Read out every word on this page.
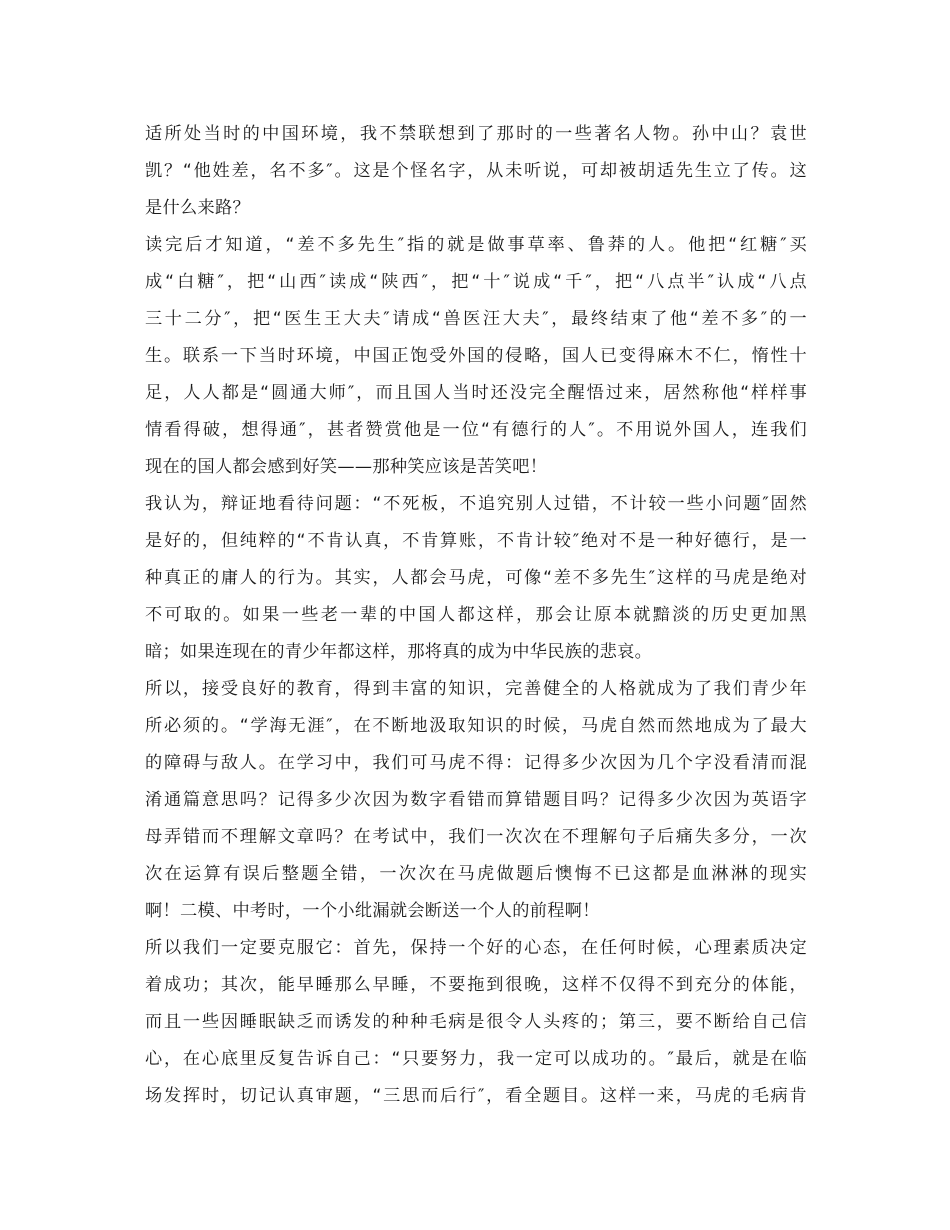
适所处当时的中国环境，我不禁联想到了那时的一些著名人物。孙中山？袁世
凯？“他姓差，名不多″。这是个怪名字，从未听说，可却被胡适先生立了传。这
是什么来路？
读完后才知道，“差不多先生″指的就是做事草率、鲁莽的人。他把“红糖″买
成“白糖″，把“山西″读成“陕西″，把“十″说成“千″，把“八点半″认成“八点
三十二分″，把“医生王大夫″请成“兽医汪大夫″，最终结束了他“差不多″的一
生。联系一下当时环境，中国正饱受外国的侵略，国人已变得麻木不仁，惰性十
足，人人都是“圆通大师″，而且国人当时还没完全醒悟过来，居然称他“样样事
情看得破，想得通″，甚者赞赏他是一位“有德行的人″。不用说外国人，连我们
现在的国人都会感到好笑——那种笑应该是苦笑吧！
我认为，辩证地看待问题：“不死板，不追究别人过错，不计较一些小问题″固然
是好的，但纯粹的“不肯认真，不肯算账，不肯计较″绝对不是一种好德行，是一
种真正的庸人的行为。其实，人都会马虎，可像“差不多先生″这样的马虎是绝对
不可取的。如果一些老一辈的中国人都这样，那会让原本就黯淡的历史更加黑
暗；如果连现在的青少年都这样，那将真的成为中华民族的悲哀。
所以，接受良好的教育，得到丰富的知识，完善健全的人格就成为了我们青少年
所必须的。“学海无涯″，在不断地汲取知识的时候，马虎自然而然地成为了最大
的障碍与敌人。在学习中，我们可马虎不得：记得多少次因为几个字没看清而混
淆通篇意思吗？记得多少次因为数字看错而算错题目吗？记得多少次因为英语字
母弄错而不理解文章吗？在考试中，我们一次次在不理解句子后痛失多分，一次
次在运算有误后整题全错，一次次在马虎做题后懊悔不已这都是血淋淋的现实
啊！二模、中考时，一个小纰漏就会断送一个人的前程啊！
所以我们一定要克服它：首先，保持一个好的心态，在任何时候，心理素质决定
着成功；其次，能早睡那么早睡，不要拖到很晚，这样不仅得不到充分的体能，
而且一些因睡眠缺乏而诱发的种种毛病是很令人头疼的；第三，要不断给自己信
心，在心底里反复告诉自己：“只要努力，我一定可以成功的。″最后，就是在临
场发挥时，切记认真审题，“三思而后行″，看全题目。这样一来，马虎的毛病肯
